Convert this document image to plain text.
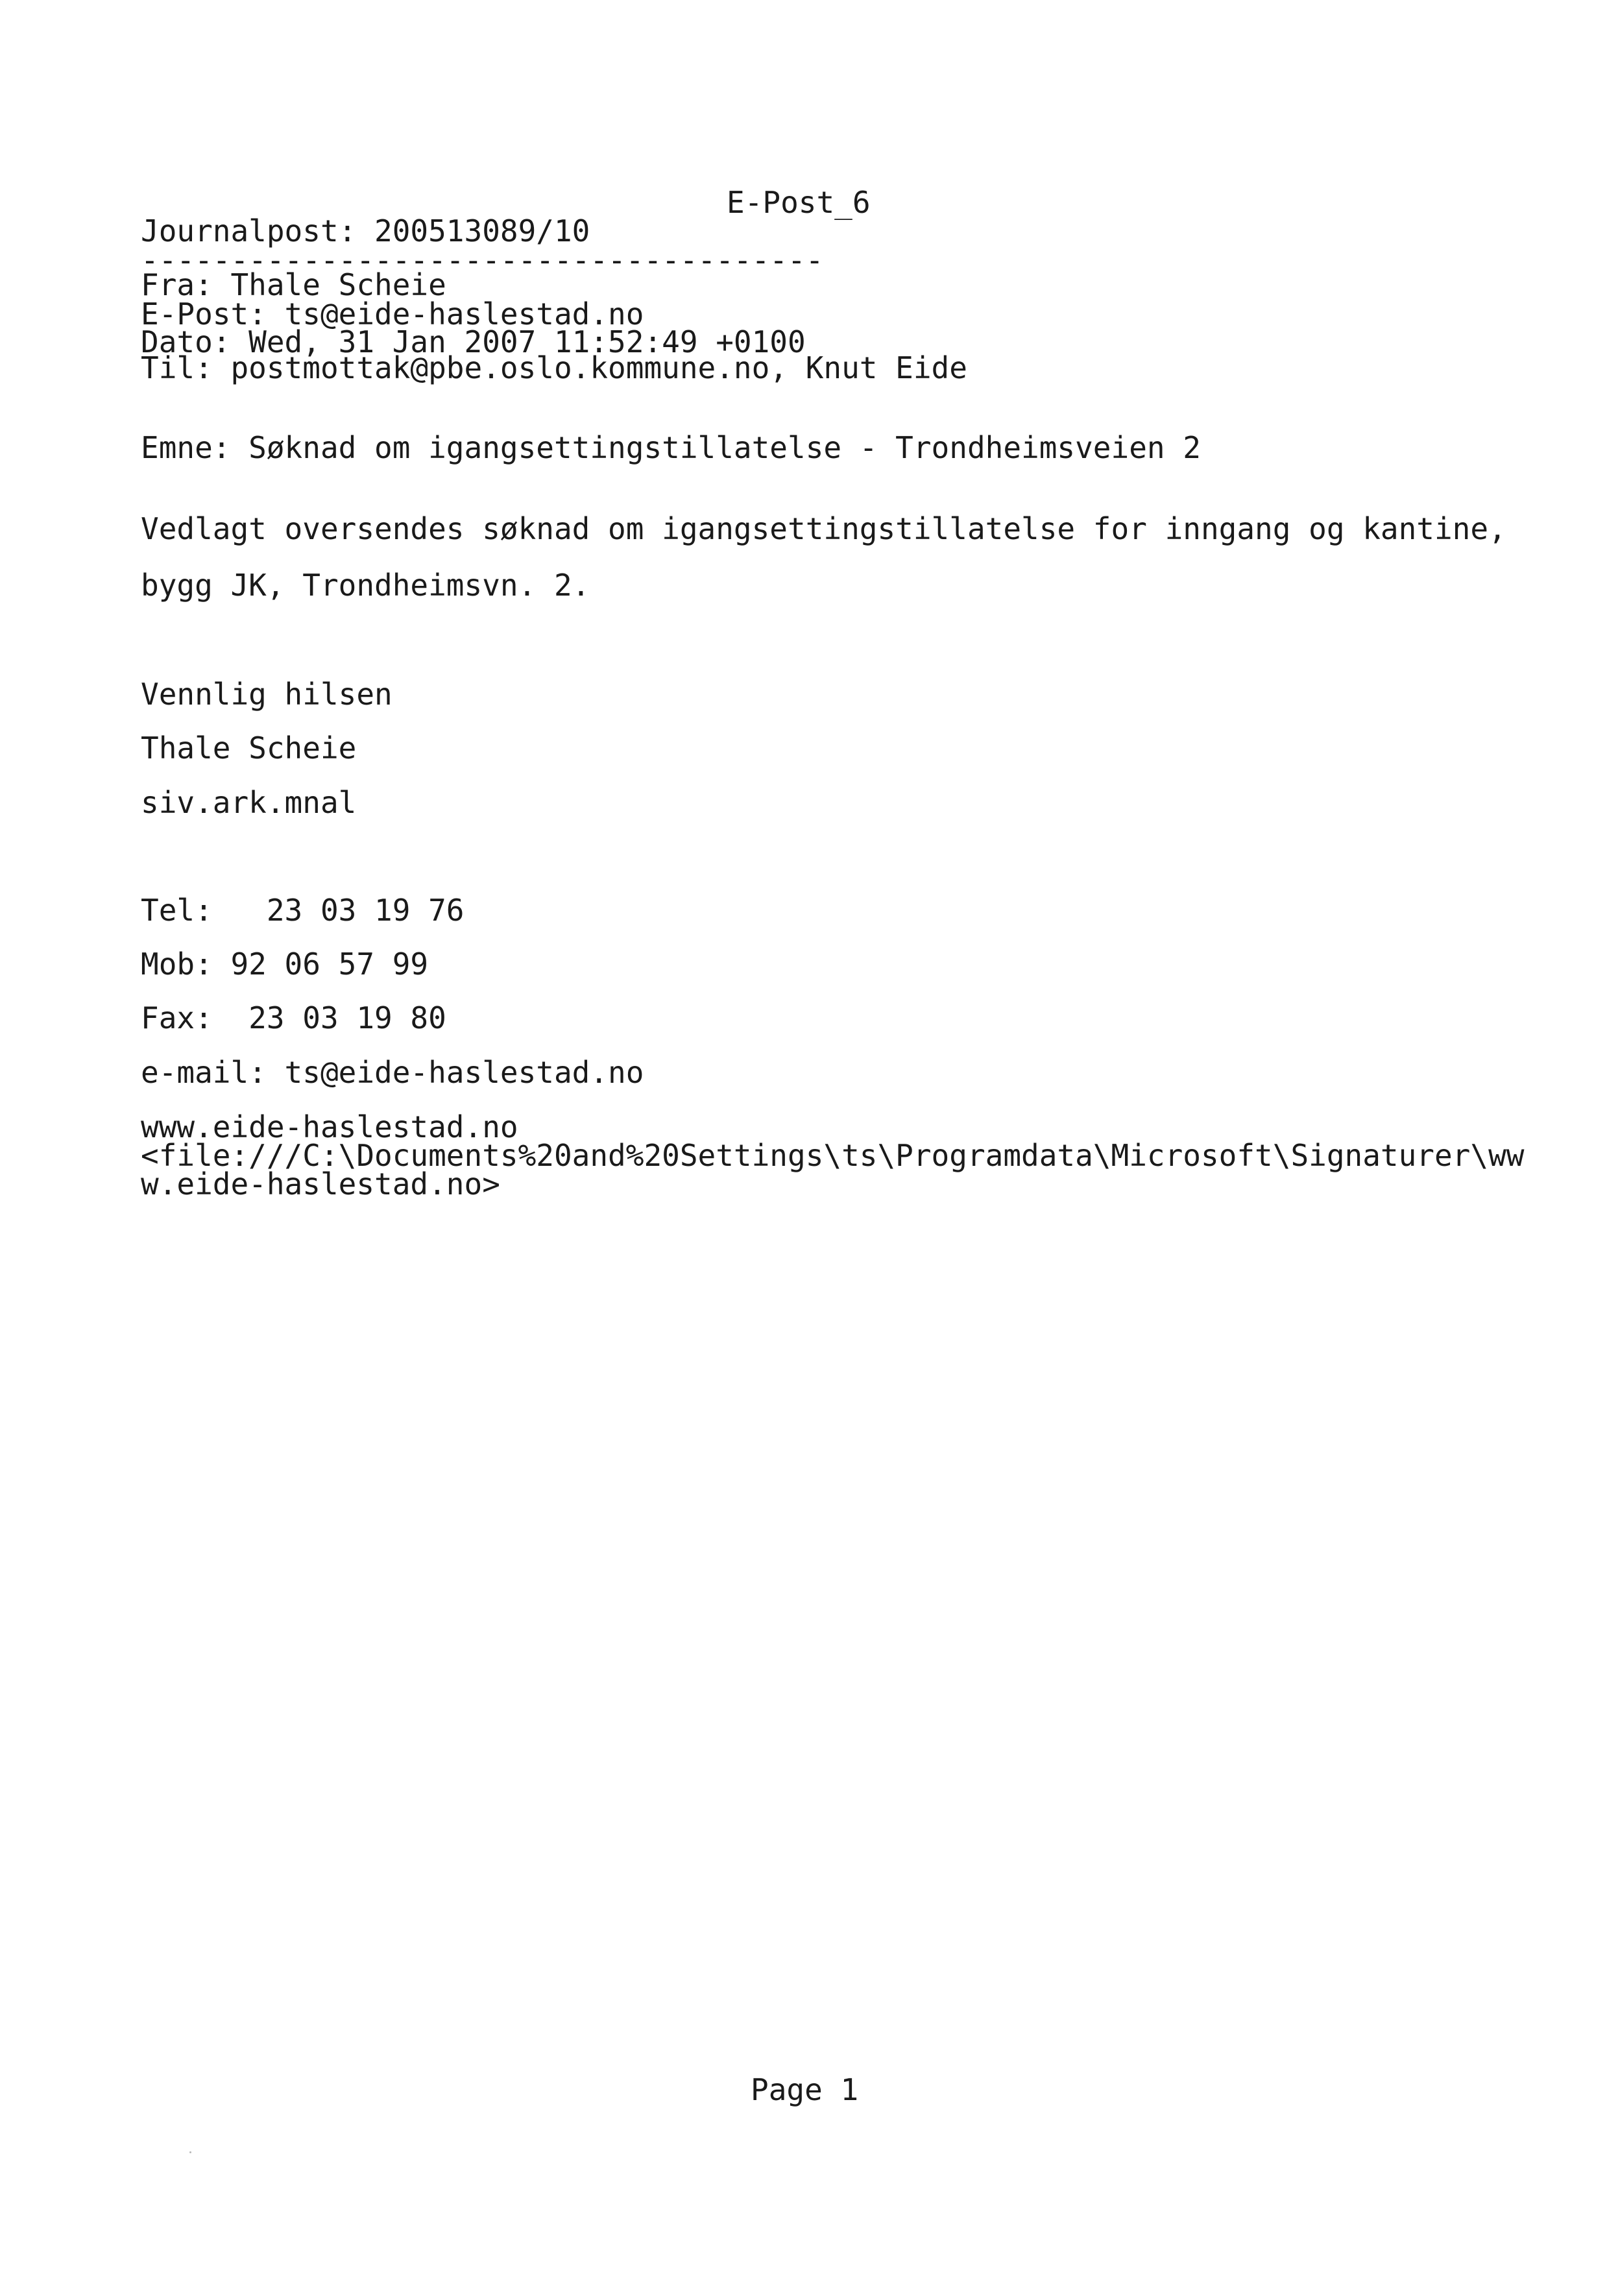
E-Post_6
Journalpost: 200513089/10
--------------------------------------
Fra: Thale Scheie
E-Post: ts@eide-haslestad.no
Dato: Wed, 31 Jan 2007 11:52:49 +0100
Til: postmottak@pbe.oslo.kommune.no, Knut Eide
Emne: Søknad om igangsettingstillatelse - Trondheimsveien 2
Vedlagt oversendes søknad om igangsettingstillatelse for inngang og kantine,
bygg JK, Trondheimsvn. 2.
Vennlig hilsen
Thale Scheie
siv.ark.mnal
Tel:   23 03 19 76
Mob: 92 06 57 99
Fax:  23 03 19 80
e-mail: ts@eide-haslestad.no
www.eide-haslestad.no
<file:///C:\Documents%20and%20Settings\ts\Programdata\Microsoft\Signaturer\ww
w.eide-haslestad.no>
Page 1
